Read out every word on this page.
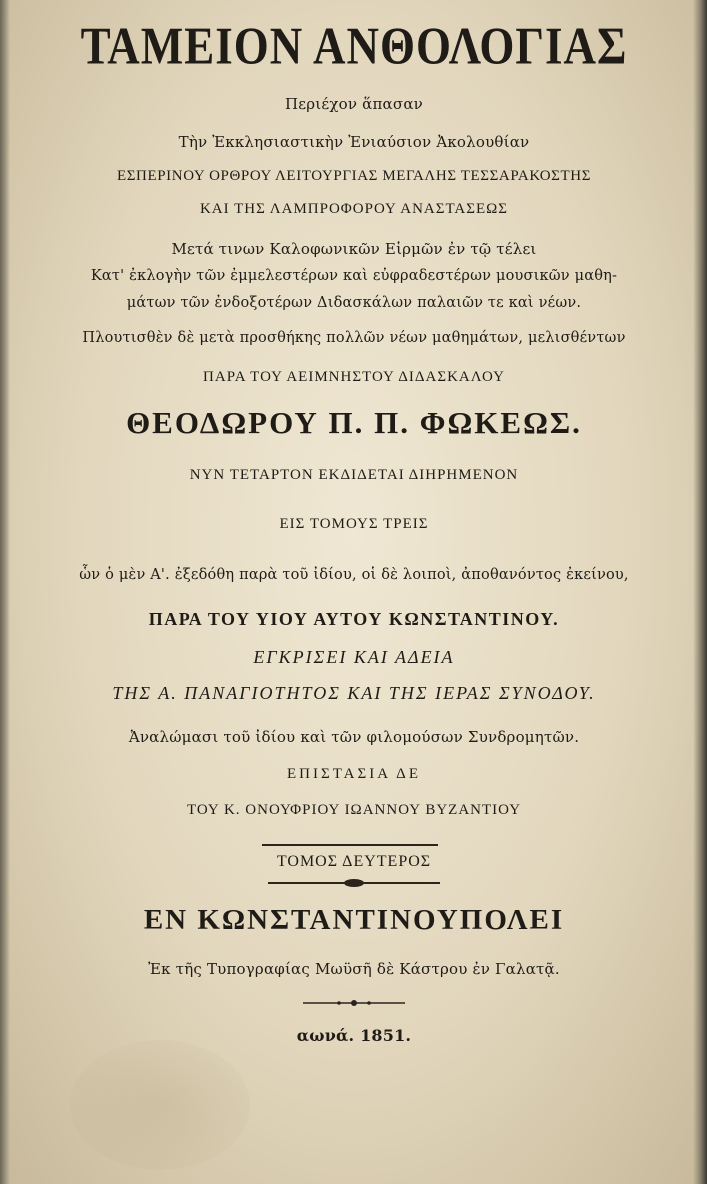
ΤΑΜΕΙΟΝ ΑΝΘΟΛΟΓΙΑΣ
Περιέχον ἅπασαν
Τὴν Ἐκκλησιαστικὴν Ἐνιαύσιον Ἀκολουθίαν
ΕΣΠΕΡΙΝΟΥ ΟΡΘΡΟΥ ΛΕΙΤΟΥΡΓΙΑΣ ΜΕΓΑΛΗΣ ΤΕΣΣΑΡΑΚΟΣΤΗΣ
ΚΑΙ ΤΗΣ ΛΑΜΠΡΟΦΟΡΟΥ ΑΝΑΣΤΑΣΕΩΣ
Μετά τινων Καλοφωνικῶν Εἱρμῶν ἐν τῷ τέλει
Κατ' ἐκλογὴν τῶν ἐμμελεστέρων καὶ εὐφραδεστέρων μουσικῶν μαθη-
μάτων τῶν ἐνδοξοτέρων Διδασκάλων παλαιῶν τε καὶ νέων.
Πλουτισθὲν δὲ μετὰ προσθήκης πολλῶν νέων μαθημάτων, μελισθέντων
ΠΑΡΑ ΤΟΥ ΑΕΙΜΝΗΣΤΟΥ ΔΙΔΑΣΚΑΛΟΥ
ΘΕΟΔΩΡΟΥ Π. Π. ΦΩΚΕΩΣ.
ΝΥΝ ΤΕΤΑΡΤΟΝ ΕΚΔΙΔΕΤΑΙ ΔΙΗΡΗΜΕΝΟΝ
ΕΙΣ ΤΟΜΟΥΣ ΤΡΕΙΣ
ὧν ὁ μὲν Α'. ἐξεδόθη παρὰ τοῦ ἰδίου, οἱ δὲ λοιποὶ, ἀποθανόντος ἐκείνου,
ΠΑΡΑ ΤΟΥ ΥΙΟΥ ΑΥΤΟΥ ΚΩΝΣΤΑΝΤΙΝΟΥ.
ΕΓΚΡΙΣΕΙ ΚΑΙ ΑΔΕΙΑ
ΤΗΣ Α. ΠΑΝΑΓΙΟΤΗΤΟΣ ΚΑΙ ΤΗΣ ΙΕΡΑΣ ΣΥΝΟΔΟΥ.
Ἀναλώμασι τοῦ ἰδίου καὶ τῶν φιλομούσων Συνδρομητῶν.
ΕΠΙΣΤΑΣΙΑ ΔΕ
ΤΟΥ Κ. ΟΝΟΥΦΡΙΟΥ ΙΩΑΝΝΟΥ ΒΥΖΑΝΤΙΟΥ
ΤΟΜΟΣ ΔΕΥΤΕΡΟΣ
ΕΝ ΚΩΝΣΤΑΝΤΙΝΟΥΠΟΛΕΙ
Ἐκ τῆς Τυπογραφίας Μωϋσῆ δὲ Κάστρου ἐν Γαλατᾷ.
αωνά. 1851.
